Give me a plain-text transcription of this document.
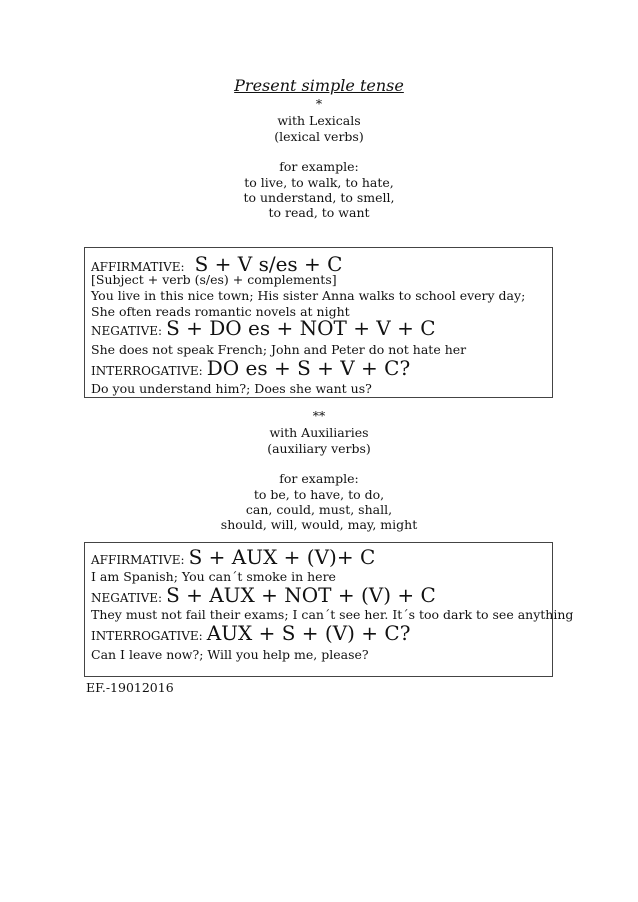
Present simple tense
*
with Lexicals
(lexical verbs)
for example:
to live, to walk, to hate,
to understand, to smell,
to read, to want
AFFIRMATIVE: S + V s/es + C
[Subject + verb (s/es) + complements]
You live in this nice town; His sister Anna walks to school every day; She often reads romantic novels at night
NEGATIVE: S + DO es + NOT + V + C
She does not speak French; John and Peter do not hate her
INTERROGATIVE: DO es + S + V + C?
Do you understand him?; Does she want us?
**
with Auxiliaries
(auxiliary verbs)
for example:
to be, to have, to do,
can, could, must, shall,
should, will, would, may, might
AFFIRMATIVE: S + AUX + (V)+ C
I am Spanish; You can´t smoke in here
NEGATIVE: S + AUX + NOT + (V) + C
They must not fail their exams; I can´t see her. It´s too dark to see anything
INTERROGATIVE: AUX + S + (V) + C?
Can I leave now?; Will you help me, please?
EF.-19012016
